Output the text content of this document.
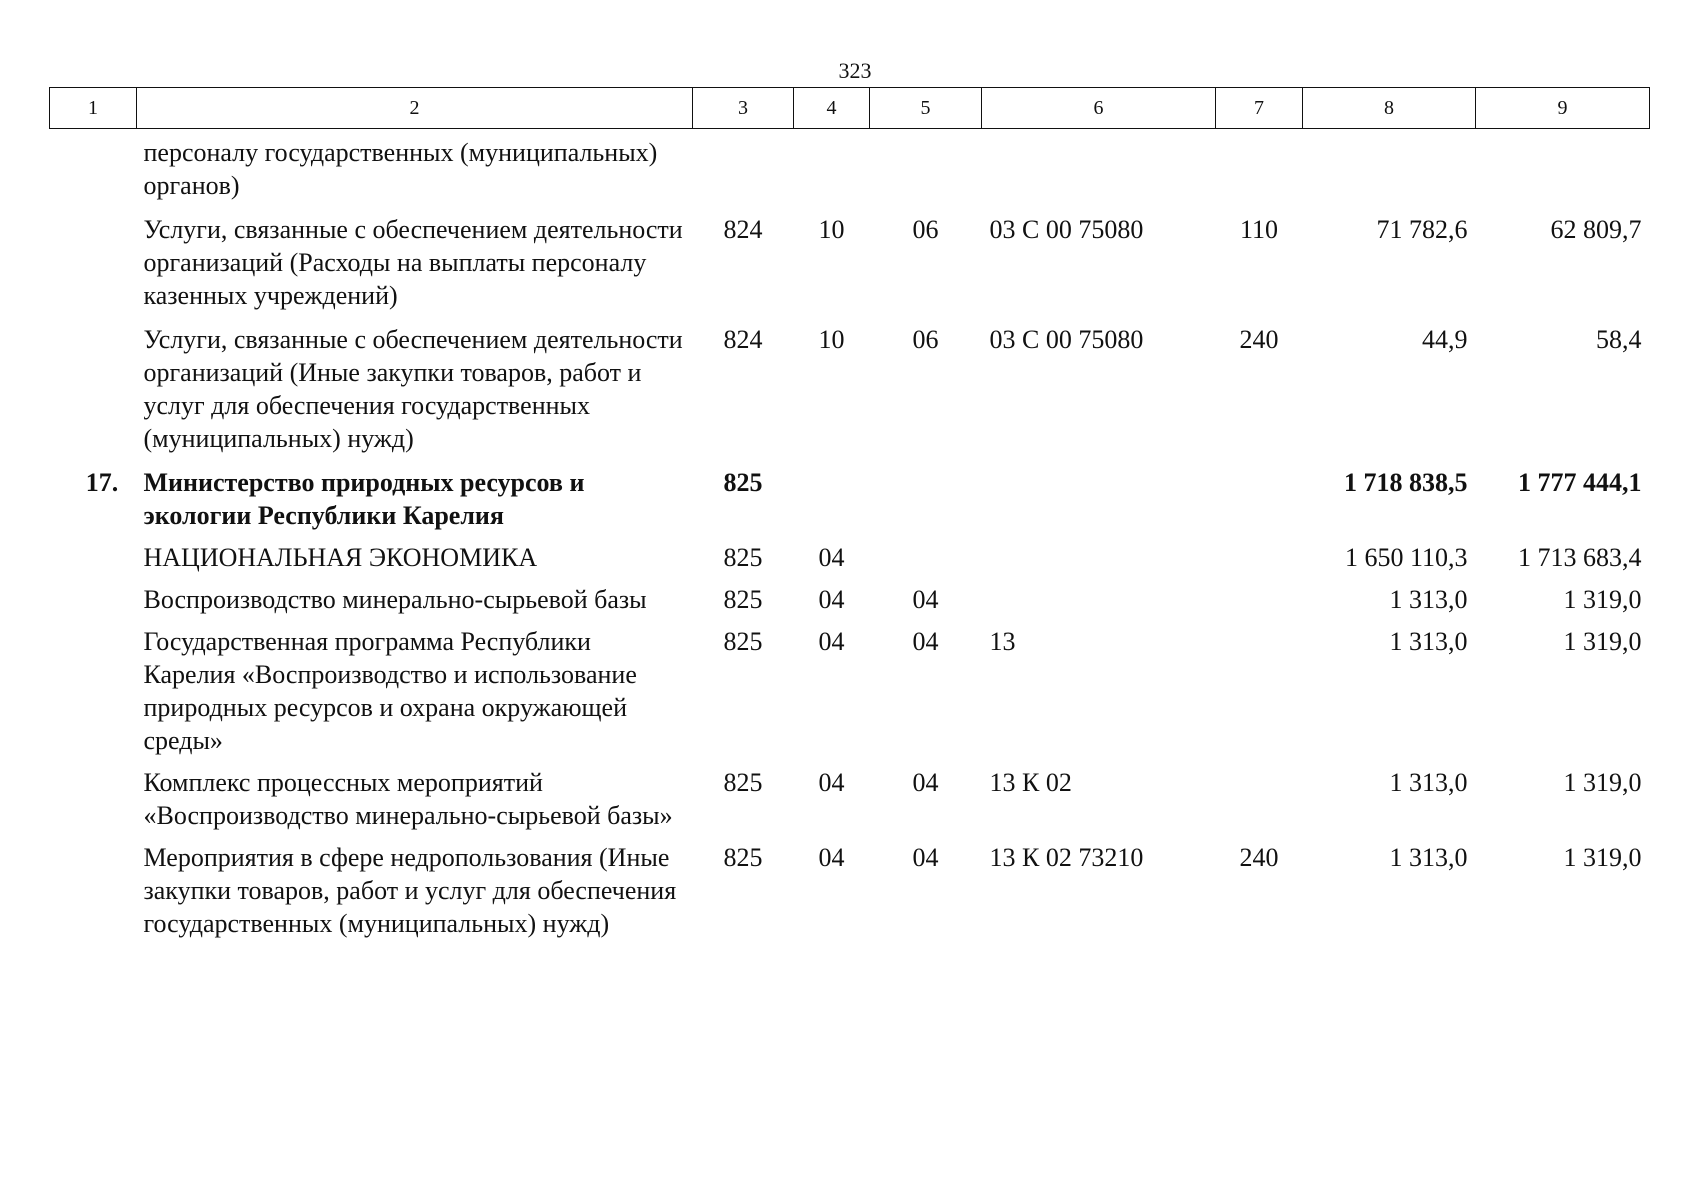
323
1	2	3	4	5	6	7	8	9
	персоналу государственных (муниципальных) органов)							
	Услуги, связанные с обеспечением деятельности организаций (Расходы на выплаты персоналу казенных учреждений)	824	10	06	03 С 00 75080	110	71 782,6	62 809,7
	Услуги, связанные с обеспечением деятельности организаций (Иные закупки товаров, работ и услуг для обеспечения государственных (муниципальных) нужд)	824	10	06	03 С 00 75080	240	44,9	58,4
17.	Министерство природных ресурсов и экологии Республики Карелия	825					1 718 838,5	1 777 444,1
	НАЦИОНАЛЬНАЯ ЭКОНОМИКА	825	04				1 650 110,3	1 713 683,4
	Воспроизводство минерально-сырьевой базы	825	04	04			1 313,0	1 319,0
	Государственная программа Республики Карелия «Воспроизводство и использование природных ресурсов и охрана окружающей среды»	825	04	04	13		1 313,0	1 319,0
	Комплекс процессных мероприятий «Воспроизводство минерально-сырьевой базы»	825	04	04	13 К 02		1 313,0	1 319,0
	Мероприятия в сфере недропользования (Иные закупки товаров, работ и услуг для обеспечения государственных (муниципальных) нужд)	825	04	04	13 К 02 73210	240	1 313,0	1 319,0
